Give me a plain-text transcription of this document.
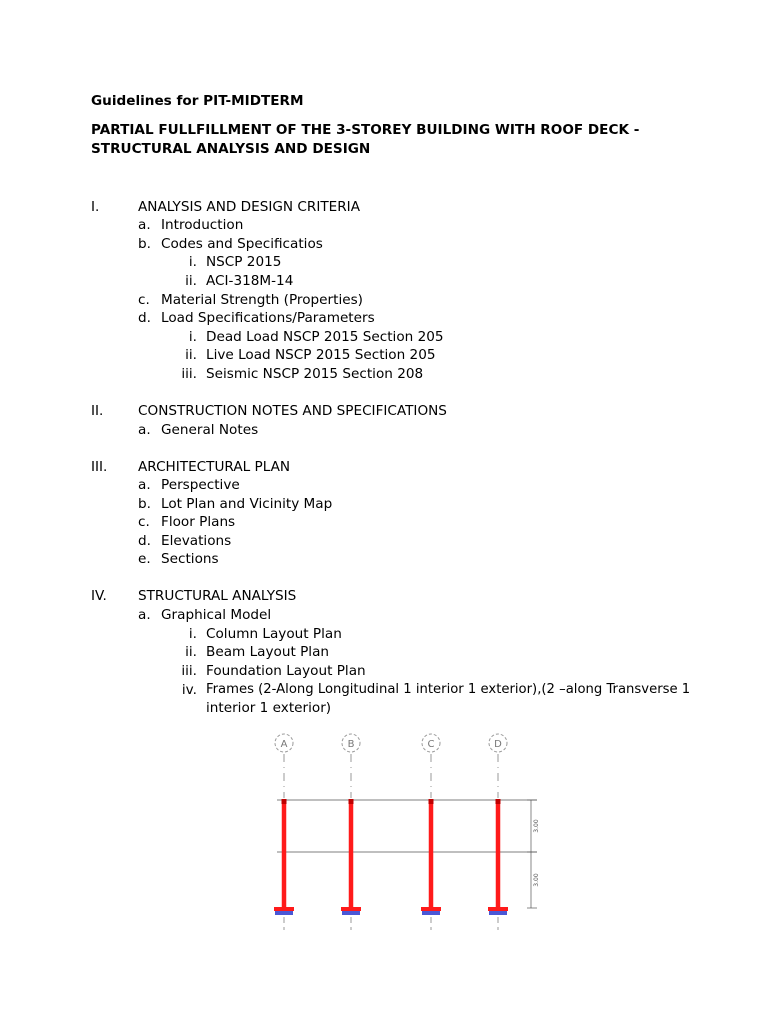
Guidelines for PIT-MIDTERM
PARTIAL FULLFILLMENT OF THE 3-STOREY BUILDING WITH ROOF DECK -
STRUCTURAL ANALYSIS AND DESIGN
I.	ANALYSIS AND DESIGN CRITERIA
a. Introduction
b. Codes and Specificatios
i. NSCP 2015
ii. ACI-318M-14
c. Material Strength (Properties)
d. Load Specifications/Parameters
i. Dead Load NSCP 2015 Section 205
ii. Live Load NSCP 2015 Section 205
iii. Seismic NSCP 2015 Section 208
II.	CONSTRUCTION NOTES AND SPECIFICATIONS
a. General Notes
III. ARCHITECTURAL PLAN
a. Perspective
b. Lot Plan and Vicinity Map
c. Floor Plans
d. Elevations
e. Sections
IV. STRUCTURAL ANALYSIS
a. Graphical Model
i. Column Layout Plan
ii. Beam Layout Plan
iii. Foundation Layout Plan
iv. Frames (2-Along Longitudinal 1 interior 1 exterior),(2 –along Transverse 1
interior 1 exterior)
A	B	C	D
3.00
3.00
